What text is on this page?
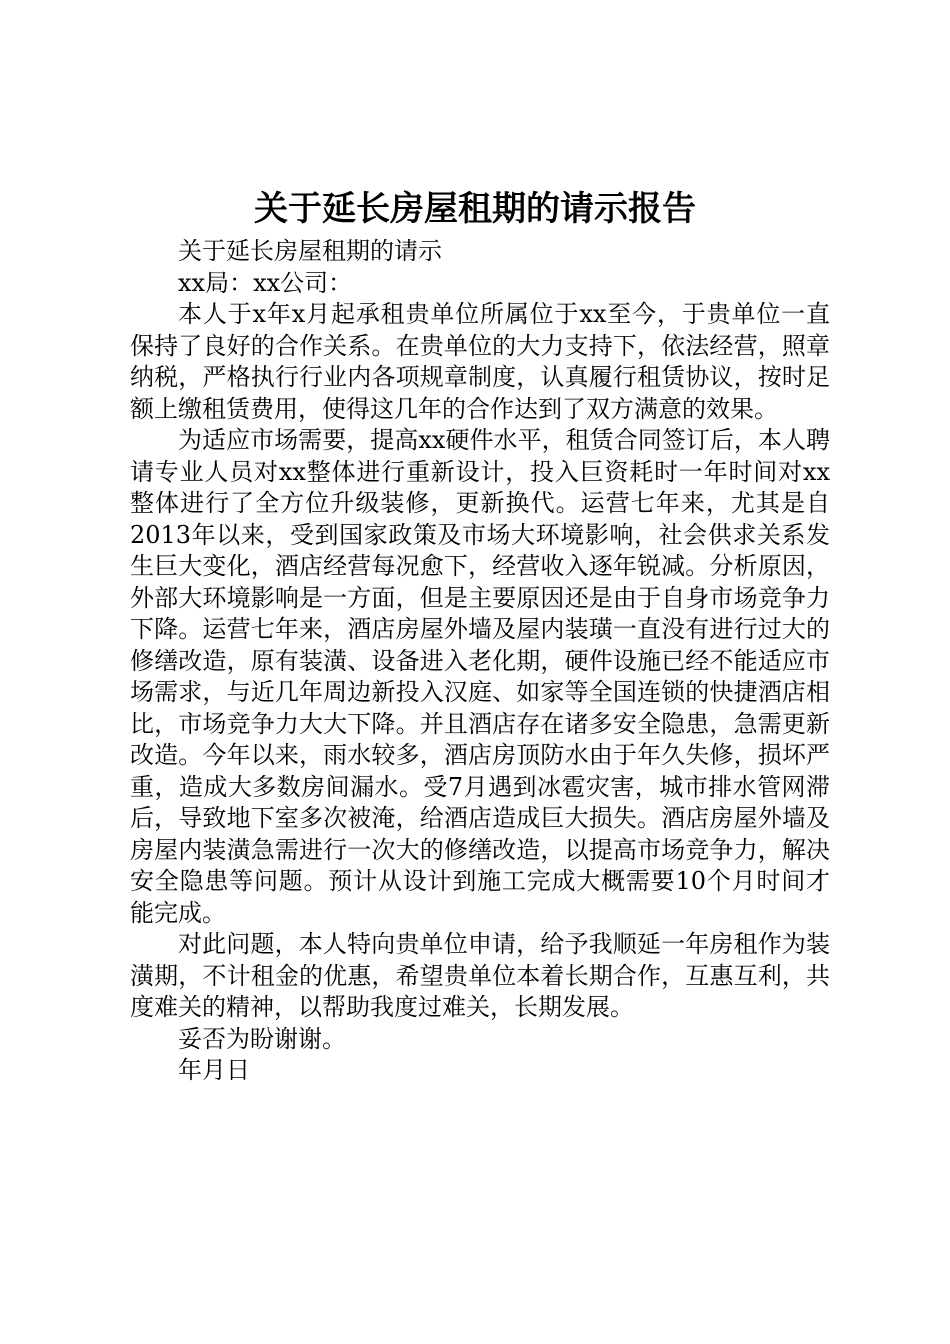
关于延长房屋租期的请示报告

关于延长房屋租期的请示

xx局：xx公司：

本人于x年x月起承租贵单位所属位于xx至今，于贵单位一直保持了良好的合作关系。在贵单位的大力支持下，依法经营，照章纳税，严格执行行业内各项规章制度，认真履行租赁协议，按时足额上缴租赁费用，使得这几年的合作达到了双方满意的效果。

为适应市场需要，提高xx硬件水平，租赁合同签订后，本人聘请专业人员对xx整体进行重新设计，投入巨资耗时一年时间对xx整体进行了全方位升级装修，更新换代。运营七年来，尤其是自2013年以来，受到国家政策及市场大环境影响，社会供求关系发生巨大变化，酒店经营每况愈下，经营收入逐年锐减。分析原因，外部大环境影响是一方面，但是主要原因还是由于自身市场竞争力下降。运营七年来，酒店房屋外墙及屋内装璜一直没有进行过大的修缮改造，原有装潢、设备进入老化期，硬件设施已经不能适应市场需求，与近几年周边新投入汉庭、如家等全国连锁的快捷酒店相比，市场竞争力大大下降。并且酒店存在诸多安全隐患，急需更新改造。今年以来，雨水较多，酒店房顶防水由于年久失修，损坏严重，造成大多数房间漏水。受7月遇到冰雹灾害，城市排水管网滞后，导致地下室多次被淹，给酒店造成巨大损失。酒店房屋外墙及房屋内装潢急需进行一次大的修缮改造，以提高市场竞争力，解决安全隐患等问题。预计从设计到施工完成大概需要10个月时间才能完成。

对此问题，本人特向贵单位申请，给予我顺延一年房租作为装潢期，不计租金的优惠，希望贵单位本着长期合作，互惠互利，共度难关的精神，以帮助我度过难关，长期发展。

妥否为盼谢谢。

年月日
